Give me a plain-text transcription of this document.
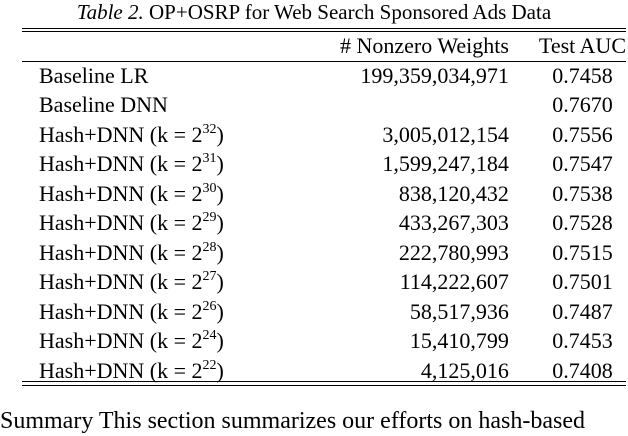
Table 2. OP+OSRP for Web Search Sponsored Ads Data
	# Nonzero Weights	Test AUC
Baseline LR	199,359,034,971	0.7458
Baseline DNN		0.7670
Hash+DNN $(k = 2^{32})$	3,005,012,154	0.7556
Hash+DNN $(k = 2^{31})$	1,599,247,184	0.7547
Hash+DNN $(k = 2^{30})$	838,120,432	0.7538
Hash+DNN $(k = 2^{29})$	433,267,303	0.7528
Hash+DNN $(k = 2^{28})$	222,780,993	0.7515
Hash+DNN $(k = 2^{27})$	114,222,607	0.7501
Hash+DNN $(k = 2^{26})$	58,517,936	0.7487
Hash+DNN $(k = 2^{24})$	15,410,799	0.7453
Hash+DNN $(k = 2^{22})$	4,125,016	0.7408
Summary This section summarizes our efforts on hash-based
